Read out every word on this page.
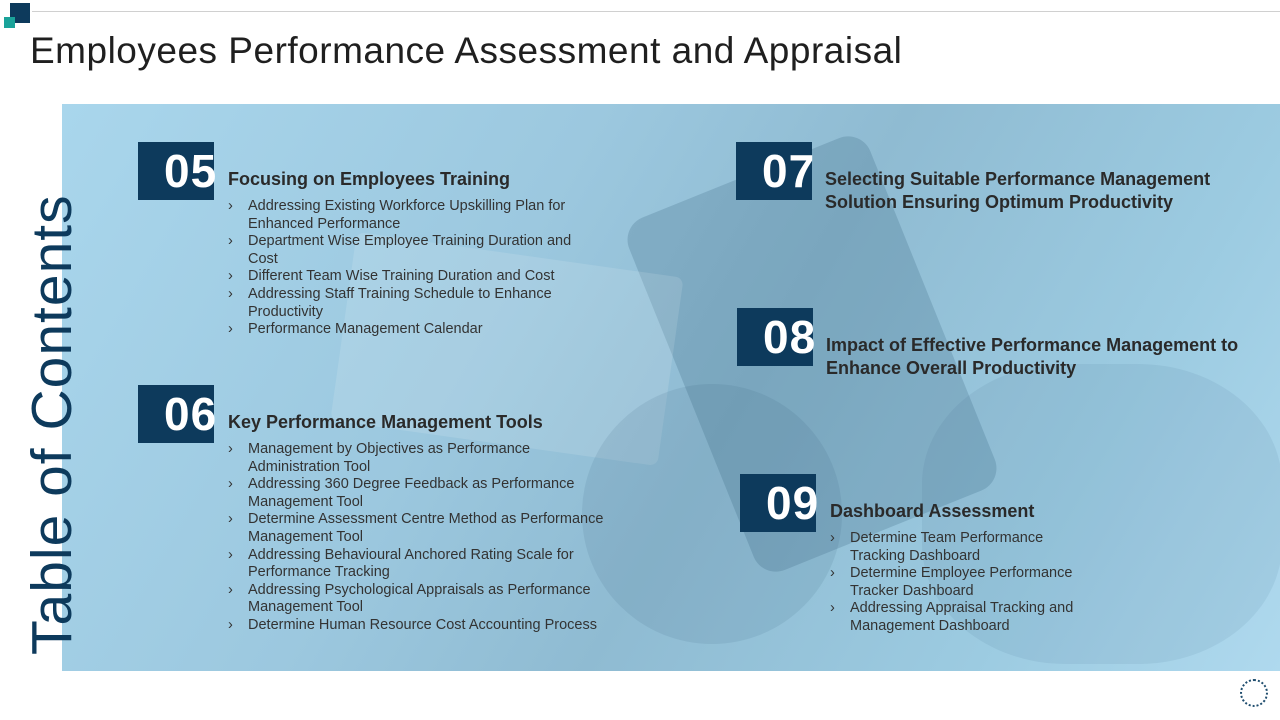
Employees Performance Assessment and Appraisal
Table of Contents
05 Focusing on Employees Training
› Addressing Existing Workforce Upskilling Plan for Enhanced Performance
› Department Wise Employee Training Duration and Cost
› Different Team Wise Training Duration and Cost
› Addressing Staff Training Schedule to Enhance Productivity
› Performance Management Calendar
06 Key Performance Management Tools
› Management by Objectives as Performance Administration Tool
› Addressing 360 Degree Feedback as Performance Management Tool
› Determine Assessment Centre Method as Performance Management Tool
› Addressing Behavioural Anchored Rating Scale for Performance Tracking
› Addressing Psychological Appraisals as Performance Management Tool
› Determine Human Resource Cost Accounting Process
07 Selecting Suitable Performance Management Solution Ensuring Optimum Productivity
08 Impact of Effective Performance Management to Enhance Overall Productivity
09 Dashboard Assessment
› Determine Team Performance Tracking Dashboard
› Determine Employee Performance Tracker Dashboard
› Addressing Appraisal Tracking and Management Dashboard
